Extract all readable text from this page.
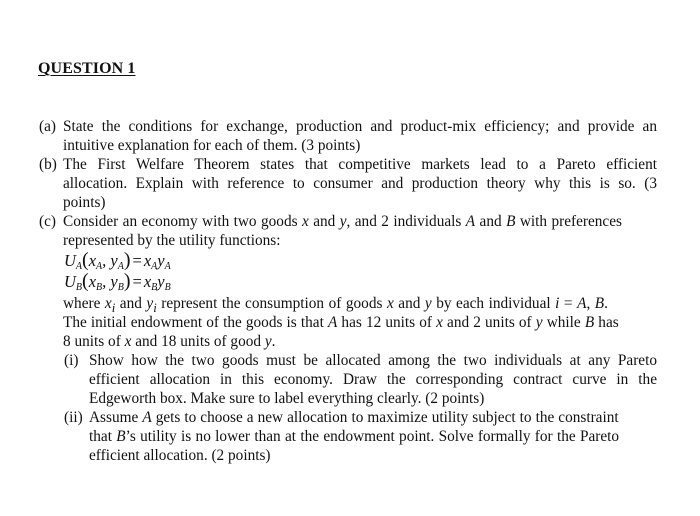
QUESTION 1
(a) State the conditions for exchange, production and product-mix efficiency; and provide an
intuitive explanation for each of them. (3 points)
(b) The First Welfare Theorem states that competitive markets lead to a Pareto efficient
allocation. Explain with reference to consumer and production theory why this is so. (3
points)
(c) Consider an economy with two goods x and y, and 2 individuals A and B with preferences
represented by the utility functions:
$U_A(x_A$, $y_A) = x_Ay_A$
$U_B(x_B$, $y_B) = x_By_B$
where $x_i$ and $y_i$ represent the consumption of goods x and y by each individual i = A, B.
The initial endowment of the goods is that A has 12 units of x and 2 units of y while B has
8 units of x and 18 units of good y.
(i) Show how the two goods must be allocated among the two individuals at any Pareto
efficient allocation in this economy. Draw the corresponding contract curve in the
Edgeworth box. Make sure to label everything clearly. (2 points)
(ii) Assume A gets to choose a new allocation to maximize utility subject to the constraint
that B’s utility is no lower than at the endowment point. Solve formally for the Pareto
efficient allocation. (2 points)
